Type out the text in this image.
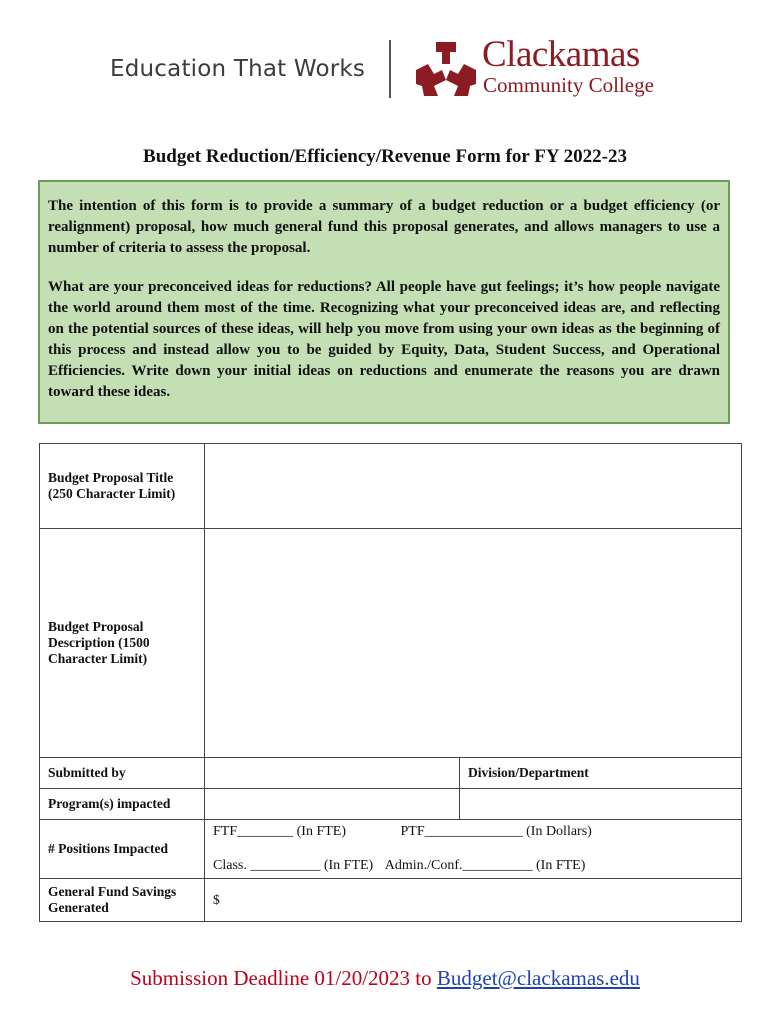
Education That Works	Clackamas
Community College
Budget Reduction/Efficiency/Revenue Form for FY 2022-23

The intention of this form is to provide a summary of a budget reduction or a budget efficiency (or realignment) proposal, how much general fund this proposal generates, and allows managers to use a number of criteria to assess the proposal.

What are your preconceived ideas for reductions? All people have gut feelings; it’s how people navigate the world around them most of the time. Recognizing what your preconceived ideas are, and reflecting on the potential sources of these ideas, will help you move from using your own ideas as the beginning of this process and instead allow you to be guided by Equity, Data, Student Success, and Operational Efficiencies. Write down your initial ideas on reductions and enumerate the reasons you are drawn toward these ideas.

Budget Proposal Title (250 Character Limit)		
Budget Proposal Description (1500 Character Limit)		
Submitted by		Division/Department
Program(s) impacted		
# Positions Impacted	FTF________ (In FTE) PTF______________ (In Dollars)
Class. __________ (In FTE) Admin./Conf.__________ (In FTE)	

General Fund Savings Generated	$	
Submission Deadline 01/20/2023 to Budget@clackamas.edu
